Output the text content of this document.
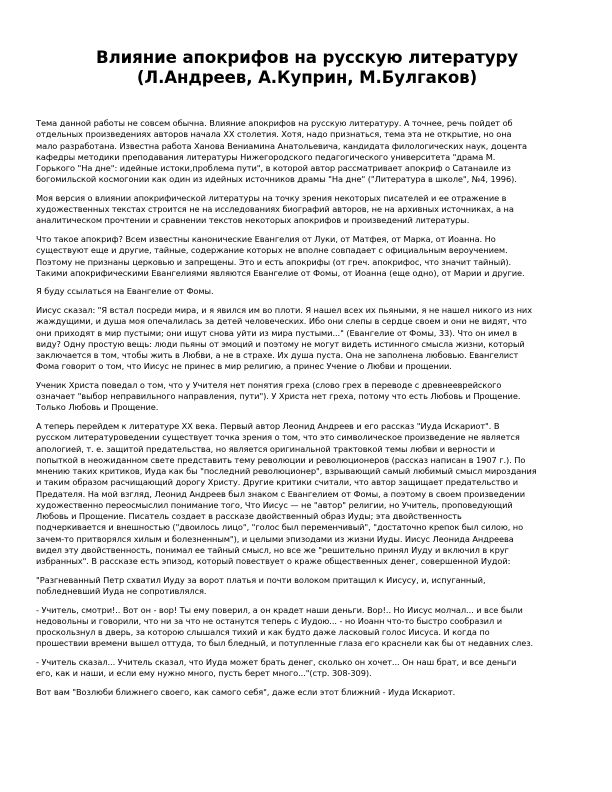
Влияние апокрифов на русскую литературу
(Л.Андреев, А.Куприн, М.Булгаков)

Тема данной работы не совсем обычна. Влияние апокрифов на русскую литературу. А точнее, речь пойдет об
отдельных произведениях авторов начала XX столетия. Хотя, надо признаться, тема эта не открытие, но она
мало разработана. Известна работа Ханова Вениамина Анатольевича, кандидата филологических наук, доцента
кафедры методики преподавания литературы Нижегородского педагогического университета "драма М.
Горького "На дне": идейные истоки,проблема пути", в которой автор рассматривает апокриф о Сатанаиле из
богомильской космогонии как один из идейных источников драмы "На дне" ("Литература в школе", №4, 1996).

Моя версия о влиянии апокрифической литературы на точку зрения некоторых писателей и ее отражение в
художественных текстах строится не на исследованиях биографий авторов, не на архивных источниках, а на
аналитическом прочтении и сравнении текстов некоторых апокрифов и произведений литературы.

Что такое апокриф? Всем известны канонические Евангелия от Луки, от Матфея, от Марка, от Иоанна. Но
существуют еще и другие, тайные, содержание которых не вполне совпадает с официальным вероучением.
Поэтому не признаны церковью и запрещены. Это и есть апокрифы (от греч. апокрифос, что значит тайный).
Такими апокрифическими Евангелиями являются Евангелие от Фомы, от Иоанна (еще одно), от Марии и другие.

Я буду ссылаться на Евангелие от Фомы.

Иисус сказал: "Я встал посреди мира, и я явился им во плоти. Я нашел всех их пьяными, я не нашел никого из них
жаждущими, и душа моя опечалилась за детей человеческих. Ибо они слепы в сердце своем и они не видят, что
они приходят в мир пустыми; они ищут снова уйти из мира пустыми..." (Евангелие от Фомы, 33). Что он имел в
виду? Одну простую вещь: люди пьяны от эмоций и поэтому не могут видеть истинного смысла жизни, который
заключается в том, чтобы жить в Любви, а не в страхе. Их душа пуста. Она не заполнена любовью. Евангелист
Фома говорит о том, что Иисус не принес в мир религию, а принес Учение о Любви и прощении.

Ученик Христа поведал о том, что у Учителя нет понятия греха (слово грех в переводе с древнееврейского
означает "выбор неправильного направления, пути"). У Христа нет греха, потому что есть Любовь и Прощение.
Только Любовь и Прощение.

А теперь перейдем к литературе XX века. Первый автор Леонид Андреев и его рассказ "Иуда Искариот". В
русском литературоведении существует точка зрения о том, что это символическое произведение не является
апологией, т. е. защитой предательства, но является оригинальной трактовкой темы любви и верности и
попыткой в неожиданном свете представить тему революции и революционеров (рассказ написан в 1907 г.). По
мнению таких критиков, Иуда как бы "последний революционер", взрывающий самый любимый смысл мироздания
и таким образом расчищающий дорогу Христу. Другие критики считали, что автор защищает предательство и
Предателя. На мой взгляд, Леонид Андреев был знаком с Евангелием от Фомы, а поэтому в своем произведении
художественно переосмыслил понимание того, Что Иисус — не "автор" религии, но Учитель, проповедующий
Любовь и Прощение. Писатель создает в рассказе двойственный образ Иуды; эта двойственность
подчеркивается и внешностью ("двоилось лицо", "голос был переменчивый", "достаточно крепок был силою, но
зачем-то притворялся хилым и болезненным"), и целыми эпизодами из жизни Иуды. Иисус Леонида Андреева
видел эту двойственность, понимал ее тайный смысл, но все же "решительно принял Иуду и включил в круг
избранных". В рассказе есть эпизод, который повествует о краже общественных денег, совершенной Иудой:

"Разгневанный Петр схватил Иуду за ворот платья и почти волоком притащил к Иисусу, и, испуганный,
побледневший Иуда не сопротивлялся.

- Учитель, смотри!.. Вот он - вор! Ты ему поверил, а он крадет наши деньги. Вор!.. Но Иисус молчал... и все были
недовольны и говорили, что ни за что не останутся теперь с Иудою... - но Иоанн что-то быстро сообразил и
проскользнул в дверь, за которою слышался тихий и как будто даже ласковый голос Иисуса. И когда по
прошествии времени вышел оттуда, то был бледный, и потупленные глаза его краснели как бы от недавних слез.

- Учитель сказал... Учитель сказал, что Иуда может брать денег, сколько он хочет... Он наш брат, и все деньги
его, как и наши, и если ему нужно много, пусть берет много..."(стр. 308-309).

Вот вам "Возлюби ближнего своего, как самого себя", даже если этот ближний - Иуда Искариот.
